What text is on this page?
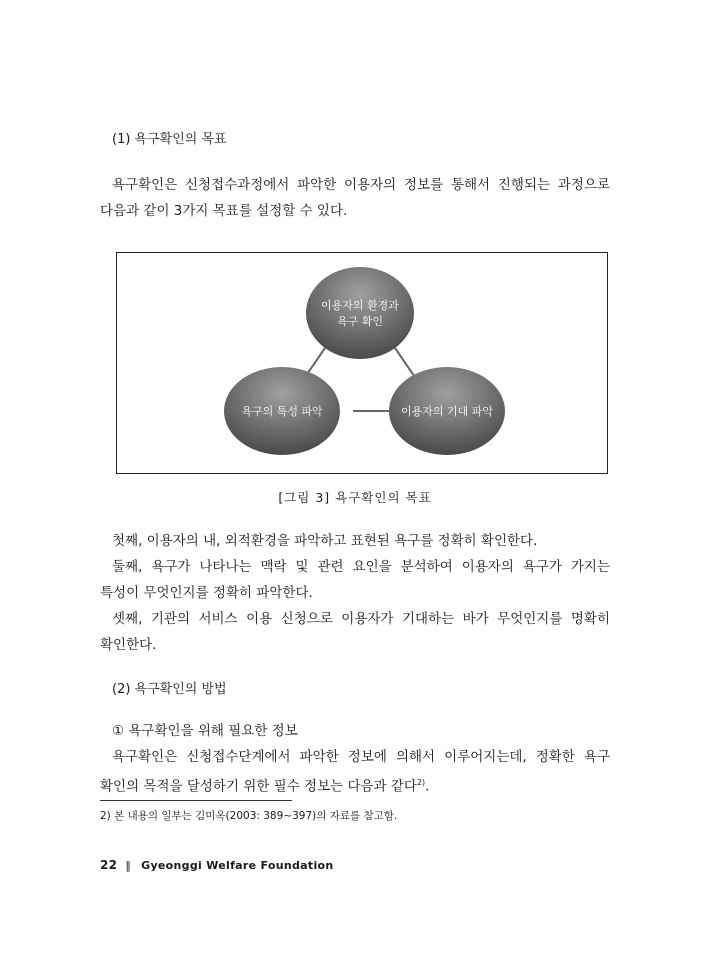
(1) 욕구확인의 목표

욕구확인은 신청접수과정에서 파악한 이용자의 정보를 통해서 진행되는 과정으로

다음과 같이 3가지 목표를 설정할 수 있다.

이용자의 환경과
욕구 확인
욕구의 특성 파악	이용자의 기대 파악
[그림 3] 욕구확인의 목표

첫째, 이용자의 내, 외적환경을 파악하고 표현된 욕구를 정확히 확인한다.

둘째, 욕구가 나타나는 맥락 및 관련 요인을 분석하여 이용자의 욕구가 가지는

특성이 무엇인지를 정확히 파악한다.

셋째, 기관의 서비스 이용 신청으로 이용자가 기대하는 바가 무엇인지를 명확히

확인한다.

(2) 욕구확인의 방법

① 욕구확인을 위해 필요한 정보

욕구확인은 신청접수단계에서 파악한 정보에 의해서 이루어지는데, 정확한 욕구

확인의 목적을 달성하기 위한 필수 정보는 다음과 같다$^{2)}$.

2) 본 내용의 일부는 김미옥(2003: 389~397)의 자료를 참고함.
22 ‖ Gyeonggi Welfare Foundation
